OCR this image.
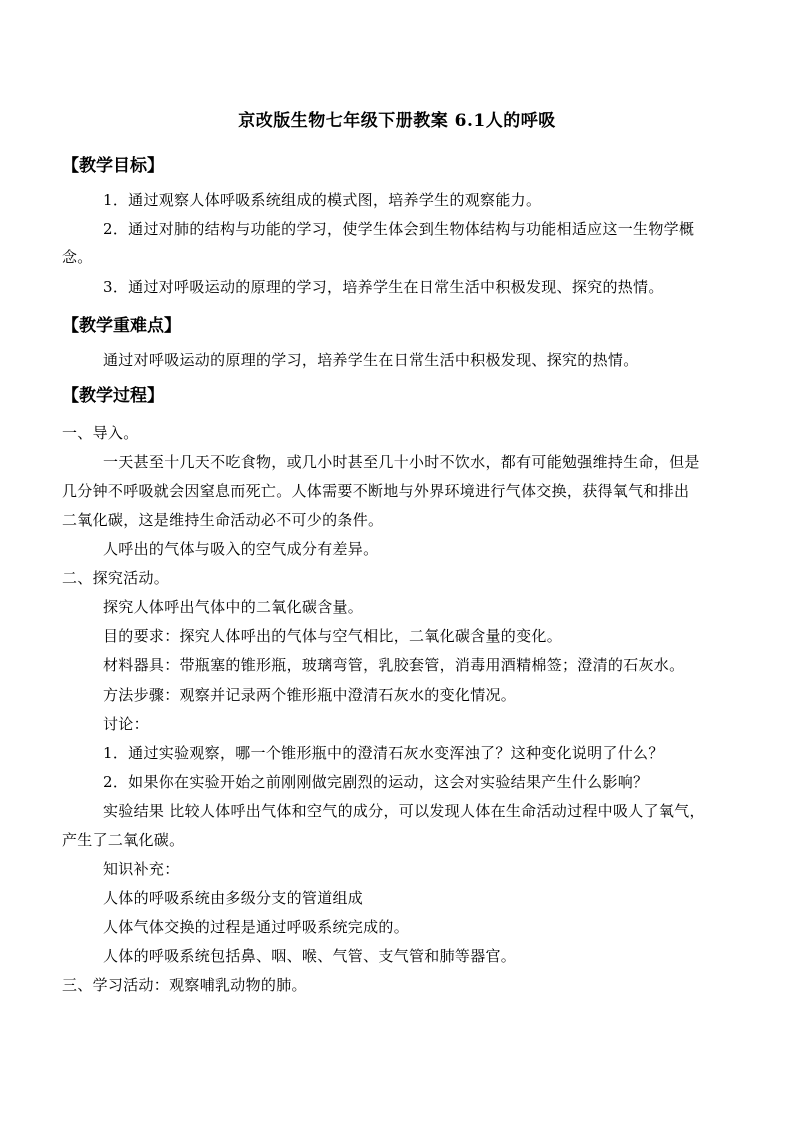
京改版生物七年级下册教案 6.1人的呼吸
【教学目标】
1．通过观察人体呼吸系统组成的模式图，培养学生的观察能力。
2．通过对肺的结构与功能的学习，使学生体会到生物体结构与功能相适应这一生物学概
念。
3．通过对呼吸运动的原理的学习，培养学生在日常生活中积极发现、探究的热情。
【教学重难点】
通过对呼吸运动的原理的学习，培养学生在日常生活中积极发现、探究的热情。
【教学过程】
一、导入。
一天甚至十几天不吃食物，或几小时甚至几十小时不饮水，都有可能勉强维持生命，但是
几分钟不呼吸就会因窒息而死亡。人体需要不断地与外界环境进行气体交换，获得氧气和排出
二氧化碳，这是维持生命活动必不可少的条件。
人呼出的气体与吸入的空气成分有差异。
二、探究活动。
探究人体呼出气体中的二氧化碳含量。
目的要求：探究人体呼出的气体与空气相比，二氧化碳含量的变化。
材料器具：带瓶塞的锥形瓶，玻璃弯管，乳胶套管，消毒用酒精棉签；澄清的石灰水。
方法步骤：观察并记录两个锥形瓶中澄清石灰水的变化情况。
讨论：
1．通过实验观察，哪一个锥形瓶中的澄清石灰水变浑浊了？这种变化说明了什么？
2．如果你在实验开始之前刚刚做完剧烈的运动，这会对实验结果产生什么影响？
实验结果 比较人体呼出气体和空气的成分，可以发现人体在生命活动过程中吸人了氧气，
产生了二氧化碳。
知识补充：
人体的呼吸系统由多级分支的管道组成
人体气体交换的过程是通过呼吸系统完成的。
人体的呼吸系统包括鼻、咽、喉、气管、支气管和肺等器官。
三、学习活动：观察哺乳动物的肺。
